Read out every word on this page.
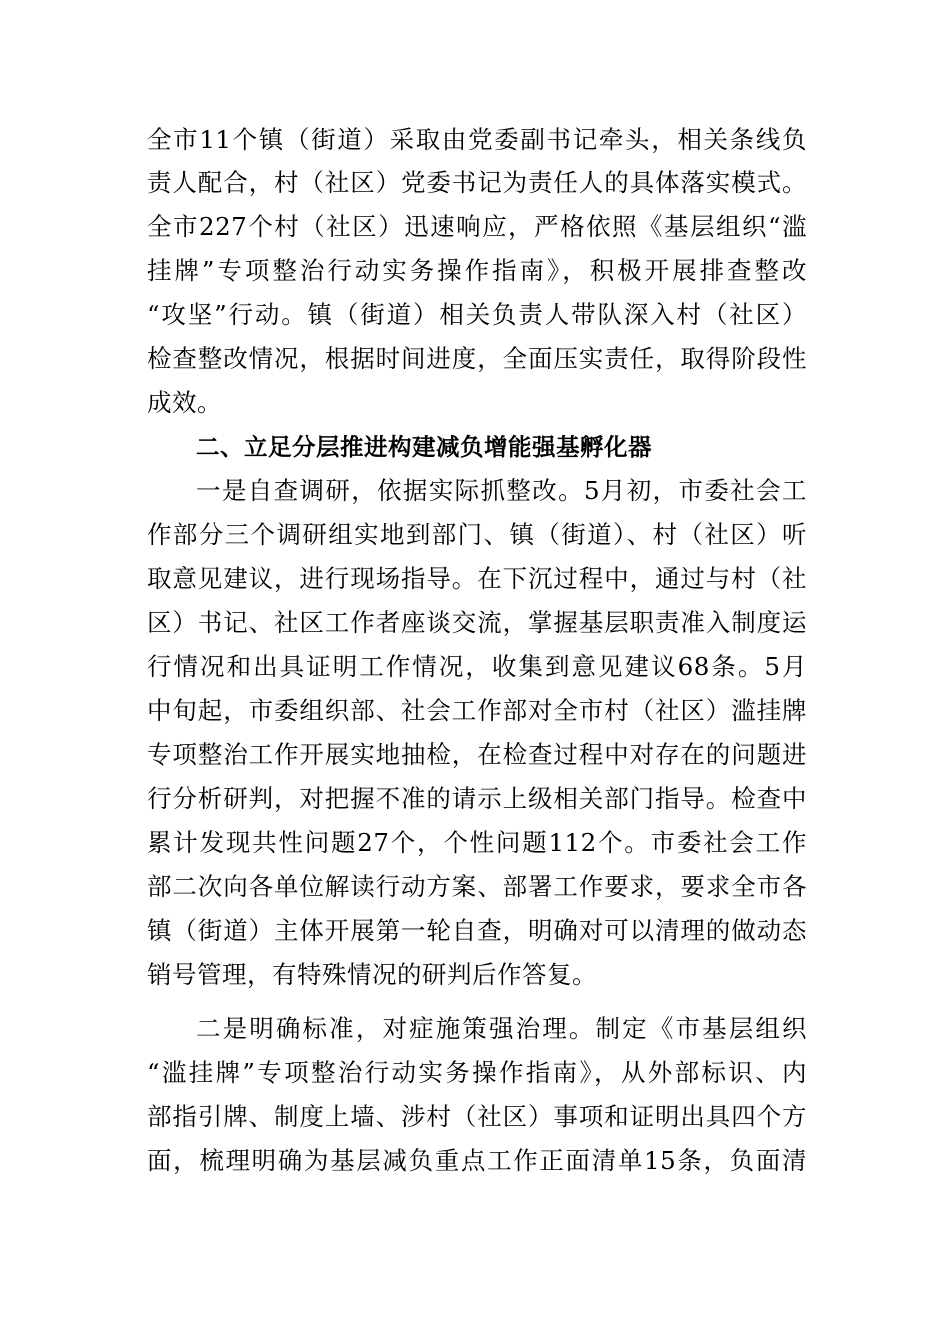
全市11个镇（街道）采取由党委副书记牵头，相关条线负
责人配合，村（社区）党委书记为责任人的具体落实模式。
全市227个村（社区）迅速响应，严格依照《基层组织“滥
挂牌”专项整治行动实务操作指南》，积极开展排查整改
“攻坚”行动。镇（街道）相关负责人带队深入村（社区）
检查整改情况，根据时间进度，全面压实责任，取得阶段性
成效。
二、立足分层推进构建减负增能强基孵化器
一是自查调研，依据实际抓整改。5月初，市委社会工
作部分三个调研组实地到部门、镇（街道）、村（社区）听
取意见建议，进行现场指导。在下沉过程中，通过与村（社
区）书记、社区工作者座谈交流，掌握基层职责准入制度运
行情况和出具证明工作情况，收集到意见建议68条。5月
中旬起，市委组织部、社会工作部对全市村（社区）滥挂牌
专项整治工作开展实地抽检，在检查过程中对存在的问题进
行分析研判，对把握不准的请示上级相关部门指导。检查中
累计发现共性问题27个，个性问题112个。市委社会工作
部二次向各单位解读行动方案、部署工作要求，要求全市各
镇（街道）主体开展第一轮自查，明确对可以清理的做动态
销号管理，有特殊情况的研判后作答复。
二是明确标准，对症施策强治理。制定《市基层组织
“滥挂牌”专项整治行动实务操作指南》，从外部标识、内
部指引牌、制度上墙、涉村（社区）事项和证明出具四个方
面，梳理明确为基层减负重点工作正面清单15条，负面清
